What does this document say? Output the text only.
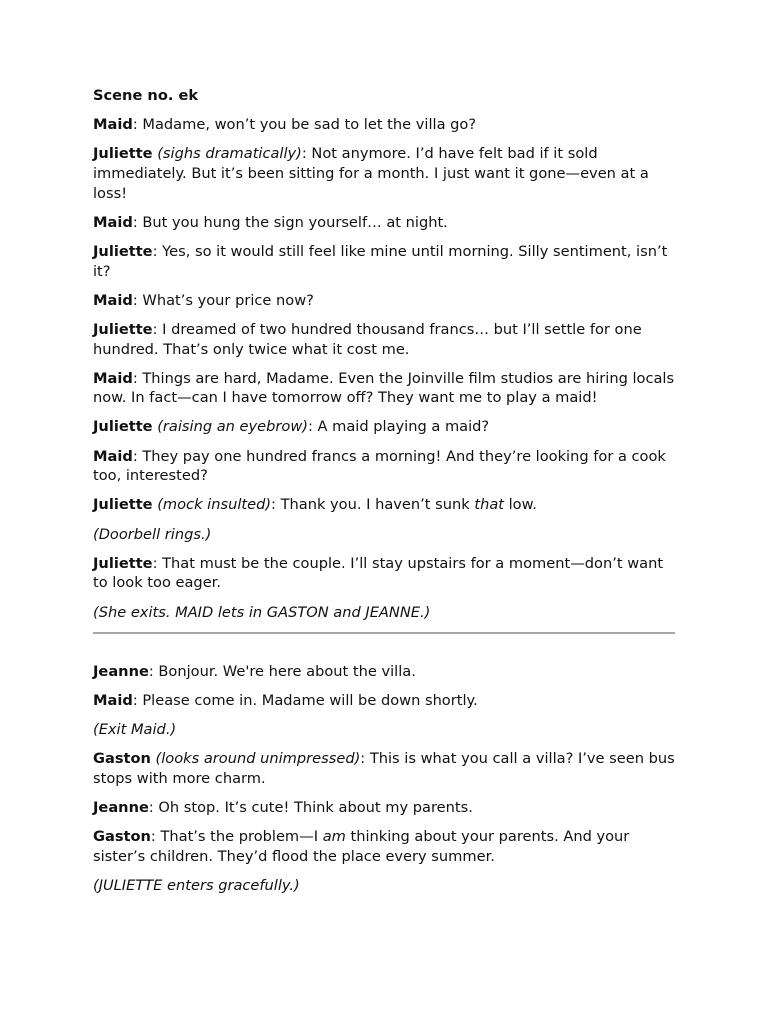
Scene no. ek

Maid: Madame, won’t you be sad to let the villa go?

Juliette (sighs dramatically): Not anymore. I’d have felt bad if it sold immediately. But it’s been sitting for a month. I just want it gone—even at a loss!

Maid: But you hung the sign yourself… at night.

Juliette: Yes, so it would still feel like mine until morning. Silly sentiment, isn’t it?

Maid: What’s your price now?

Juliette: I dreamed of two hundred thousand francs… but I’ll settle for one hundred. That’s only twice what it cost me.

Maid: Things are hard, Madame. Even the Joinville film studios are hiring locals now. In fact—can I have tomorrow off? They want me to play a maid!

Juliette (raising an eyebrow): A maid playing a maid?

Maid: They pay one hundred francs a morning! And they’re looking for a cook too, interested?

Juliette (mock insulted): Thank you. I haven’t sunk that low.

(Doorbell rings.)

Juliette: That must be the couple. I’ll stay upstairs for a moment—don’t want to look too eager.

(She exits. MAID lets in GASTON and JEANNE.)

Jeanne: Bonjour. We're here about the villa.

Maid: Please come in. Madame will be down shortly.

(Exit Maid.)

Gaston (looks around unimpressed): This is what you call a villa? I’ve seen bus stops with more charm.

Jeanne: Oh stop. It’s cute! Think about my parents.

Gaston: That’s the problem—I am thinking about your parents. And your sister’s children. They’d flood the place every summer.

(JULIETTE enters gracefully.)
